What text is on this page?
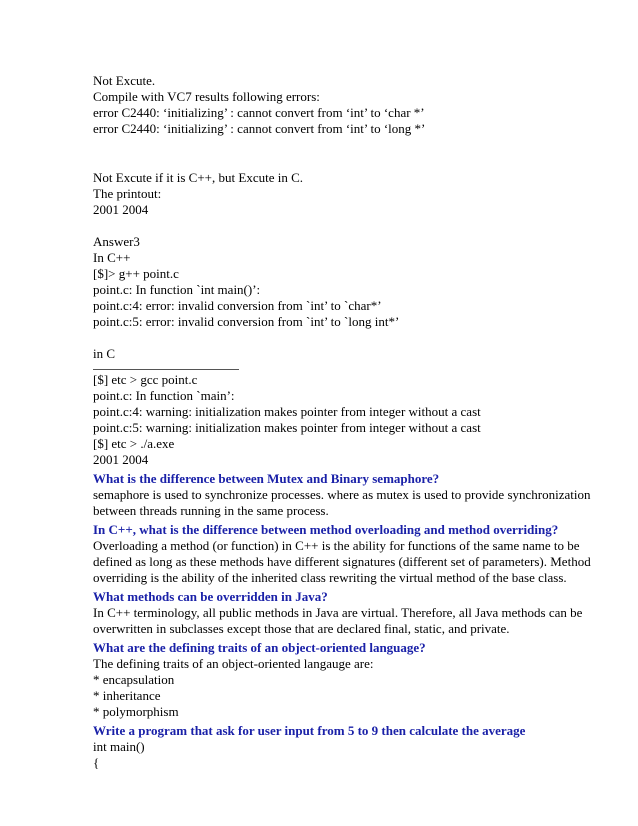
Not Excute.
Compile with VC7 results following errors:
error C2440: ‘initializing’ : cannot convert from ‘int’ to ‘char *’
error C2440: ‘initializing’ : cannot convert from ‘int’ to ‘long *’
Not Excute if it is C++, but Excute in C.
The printout:
2001 2004
Answer3
In C++
[$]> g++ point.c
point.c: In function `int main()’:
point.c:4: error: invalid conversion from `int’ to `char*’
point.c:5: error: invalid conversion from `int’ to `long int*’
in C
[$] etc > gcc point.c
point.c: In function `main’:
point.c:4: warning: initialization makes pointer from integer without a cast
point.c:5: warning: initialization makes pointer from integer without a cast
[$] etc > ./a.exe
2001 2004
What is the difference between Mutex and Binary semaphore?
semaphore is used to synchronize processes. where as mutex is used to provide synchronization between threads running in the same process.
In C++, what is the difference between method overloading and method overriding?
Overloading a method (or function) in C++ is the ability for functions of the same name to be defined as long as these methods have different signatures (different set of parameters). Method overriding is the ability of the inherited class rewriting the virtual method of the base class.
What methods can be overridden in Java?
In C++ terminology, all public methods in Java are virtual. Therefore, all Java methods can be overwritten in subclasses except those that are declared final, static, and private.
What are the defining traits of an object-oriented language?
The defining traits of an object-oriented langauge are:
* encapsulation
* inheritance
* polymorphism
Write a program that ask for user input from 5 to 9 then calculate the average
int main()
{
